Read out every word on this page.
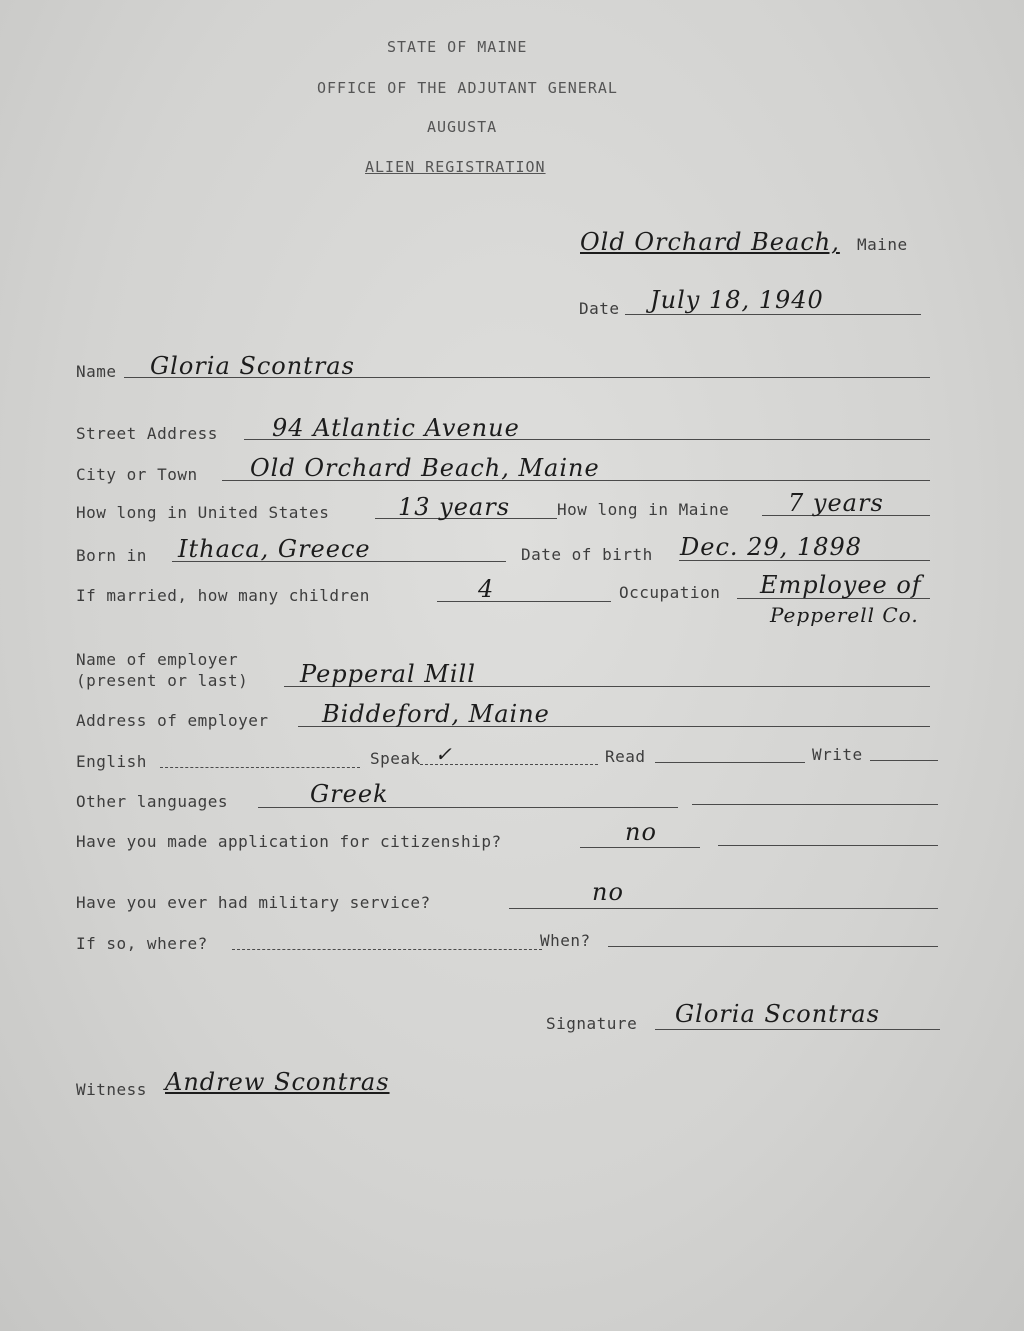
STATE OF MAINE
OFFICE OF THE ADJUTANT GENERAL
AUGUSTA
ALIEN REGISTRATION
Old Orchard Beach, Maine
Date July 18, 1940
Name Gloria Scontras
Street Address 94 Atlantic Avenue
City or Town Old Orchard Beach, Maine
How long in United States	13 years	How long in Maine 7 years
Born in Ithaca, Greece	Date of birth Dec. 29, 1898
If married, how many children	4	Occupation Employee of
Pepperell Co.
Name of employer
(present or last) Pepperal Mill
Address of employer Biddeford, Maine
English	Speak ✓	Read	Write
Other languages	Greek
Have you made application for citizenship?	no
Have you ever had military service?	no
If so, where?	When?
Signature Gloria Scontras
Witness Andrew Scontras
